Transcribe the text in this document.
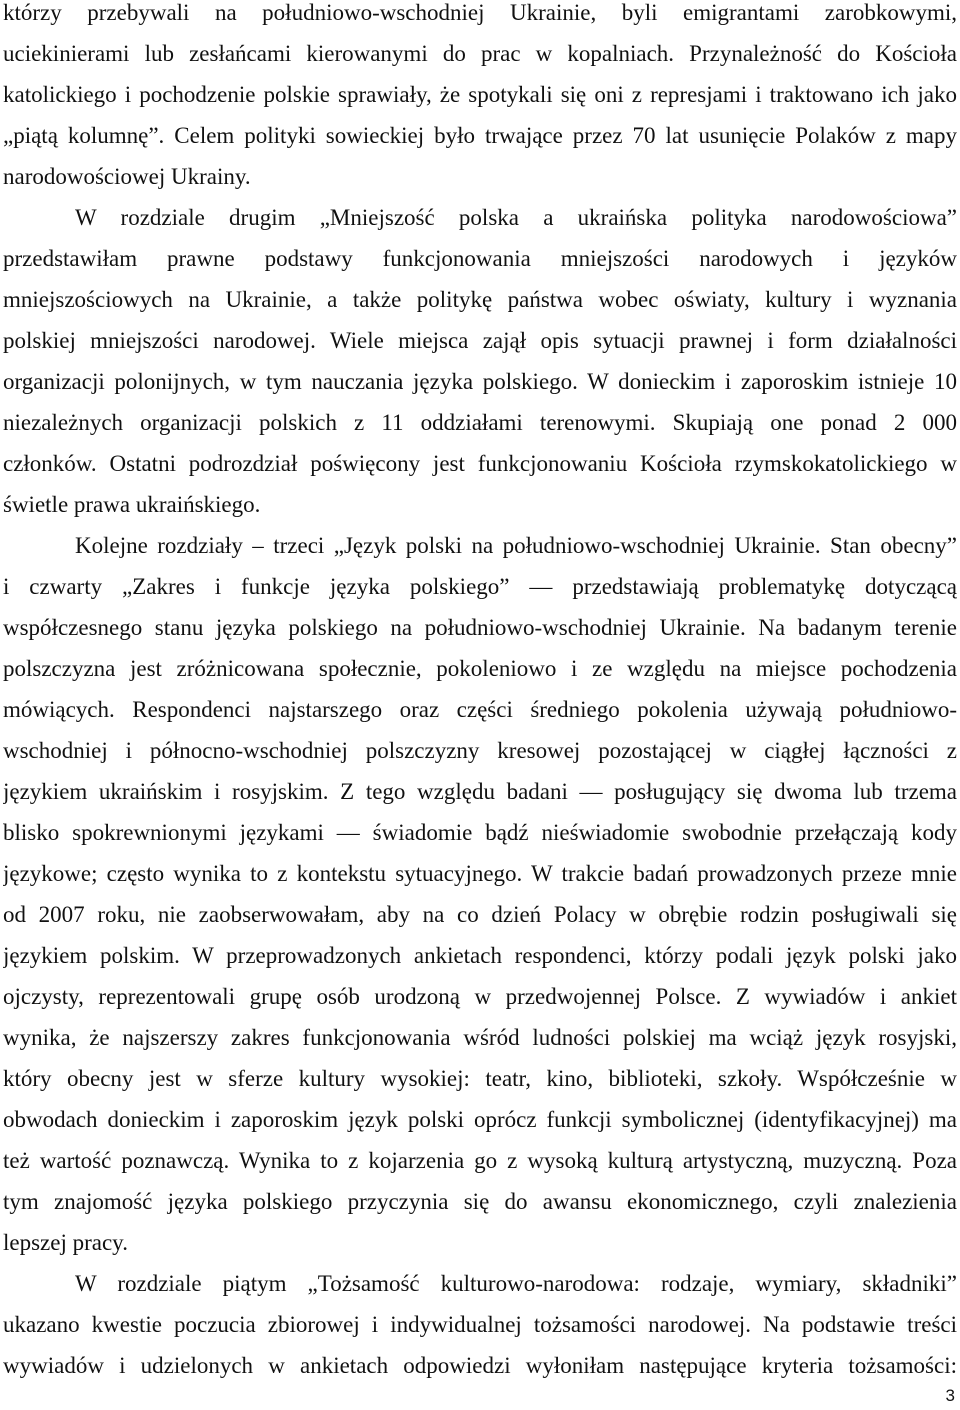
którzy przebywali na południowo-wschodniej Ukrainie, byli emigrantami zarobkowymi,
uciekinierami lub zesłańcami kierowanymi do prac w kopalniach. Przynależność do Kościoła
katolickiego i pochodzenie polskie sprawiały, że spotykali się oni z represjami i traktowano ich jako
„piątą kolumnę”. Celem polityki sowieckiej było trwające przez 70 lat usunięcie Polaków z mapy
narodowościowej Ukrainy.
W rozdziale drugim „Mniejszość polska a ukraińska polityka narodowościowa”
przedstawiłam prawne podstawy funkcjonowania mniejszości narodowych i języków
mniejszościowych na Ukrainie, a także politykę państwa wobec oświaty, kultury i wyznania
polskiej mniejszości narodowej. Wiele miejsca zajął opis sytuacji prawnej i form działalności
organizacji polonijnych, w tym nauczania języka polskiego. W donieckim i zaporoskim istnieje 10
niezależnych organizacji polskich z 11 oddziałami terenowymi. Skupiają one ponad 2 000
członków. Ostatni podrozdział poświęcony jest funkcjonowaniu Kościoła rzymskokatolickiego w
świetle prawa ukraińskiego.
Kolejne rozdziały – trzeci „Język polski na południowo-wschodniej Ukrainie. Stan obecny”
i czwarty „Zakres i funkcje języka polskiego” — przedstawiają problematykę dotyczącą
współczesnego stanu języka polskiego na południowo-wschodniej Ukrainie. Na badanym terenie
polszczyzna jest zróżnicowana społecznie, pokoleniowo i ze względu na miejsce pochodzenia
mówiących. Respondenci najstarszego oraz części średniego pokolenia używają południowo-
wschodniej i północno-wschodniej polszczyzny kresowej pozostającej w ciągłej łączności z
językiem ukraińskim i rosyjskim. Z tego względu badani — posługujący się dwoma lub trzema
blisko spokrewnionymi językami — świadomie bądź nieświadomie swobodnie przełączają kody
językowe; często wynika to z kontekstu sytuacyjnego. W trakcie badań prowadzonych przeze mnie
od 2007 roku, nie zaobserwowałam, aby na co dzień Polacy w obrębie rodzin posługiwali się
językiem polskim. W przeprowadzonych ankietach respondenci, którzy podali język polski jako
ojczysty, reprezentowali grupę osób urodzoną w przedwojennej Polsce. Z wywiadów i ankiet
wynika, że najszerszy zakres funkcjonowania wśród ludności polskiej ma wciąż język rosyjski,
który obecny jest w sferze kultury wysokiej: teatr, kino, biblioteki, szkoły. Współcześnie w
obwodach donieckim i zaporoskim język polski oprócz funkcji symbolicznej (identyfikacyjnej) ma
też wartość poznawczą. Wynika to z kojarzenia go z wysoką kulturą artystyczną, muzyczną. Poza
tym znajomość języka polskiego przyczynia się do awansu ekonomicznego, czyli znalezienia
lepszej pracy.
W rozdziale piątym „Tożsamość kulturowo-narodowa: rodzaje, wymiary, składniki”
ukazano kwestie poczucia zbiorowej i indywidualnej tożsamości narodowej. Na podstawie treści
wywiadów i udzielonych w ankietach odpowiedzi wyłoniłam następujące kryteria tożsamości:
3
